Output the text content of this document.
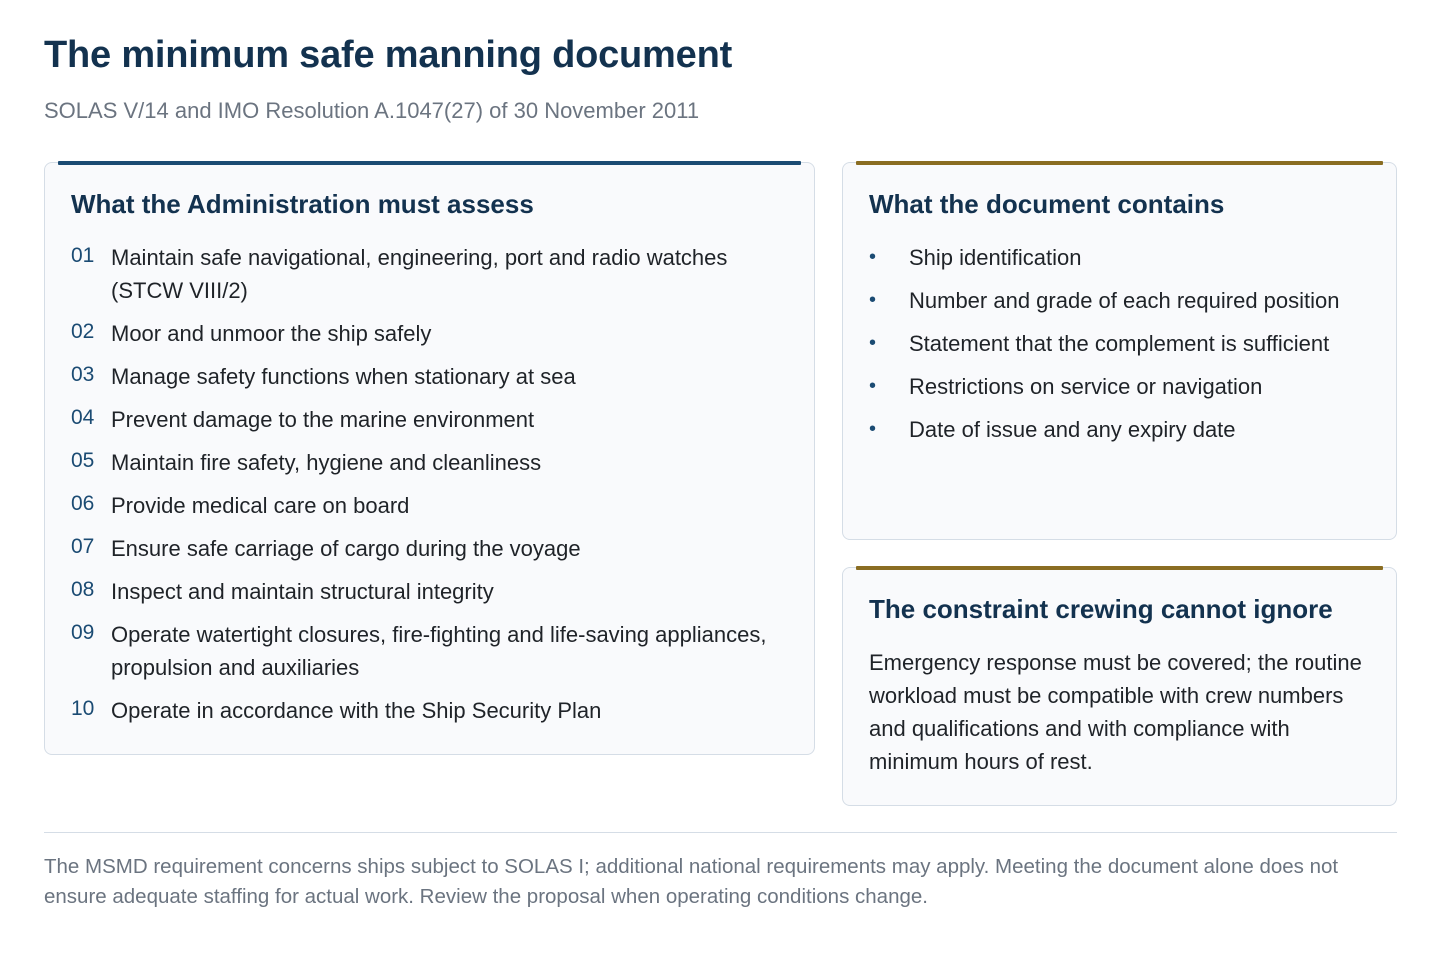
The minimum safe manning document

SOLAS V/14 and IMO Resolution A.1047(27) of 30 November 2011

What the Administration must assess
01 Maintain safe navigational, engineering, port and radio watches (STCW VIII/2)
02 Moor and unmoor the ship safely
03 Manage safety functions when stationary at sea
04 Prevent damage to the marine environment
05 Maintain fire safety, hygiene and cleanliness
06 Provide medical care on board
07 Ensure safe carriage of cargo during the voyage
08 Inspect and maintain structural integrity
09 Operate watertight closures, fire-fighting and life-saving appliances, propulsion and auxiliaries
10 Operate in accordance with the Ship Security Plan
What the document contains
•	Ship identification
•	Number and grade of each required position
•	Statement that the complement is sufficient
•	Restrictions on service or navigation
•	Date of issue and any expiry date
The constraint crewing cannot ignore

Emergency response must be covered; the routine workload must be compatible with crew numbers and qualifications and with compliance with minimum hours of rest.

The MSMD requirement concerns ships subject to SOLAS I; additional national requirements may apply. Meeting the document alone does not ensure adequate staffing for actual work. Review the proposal when operating conditions change.
